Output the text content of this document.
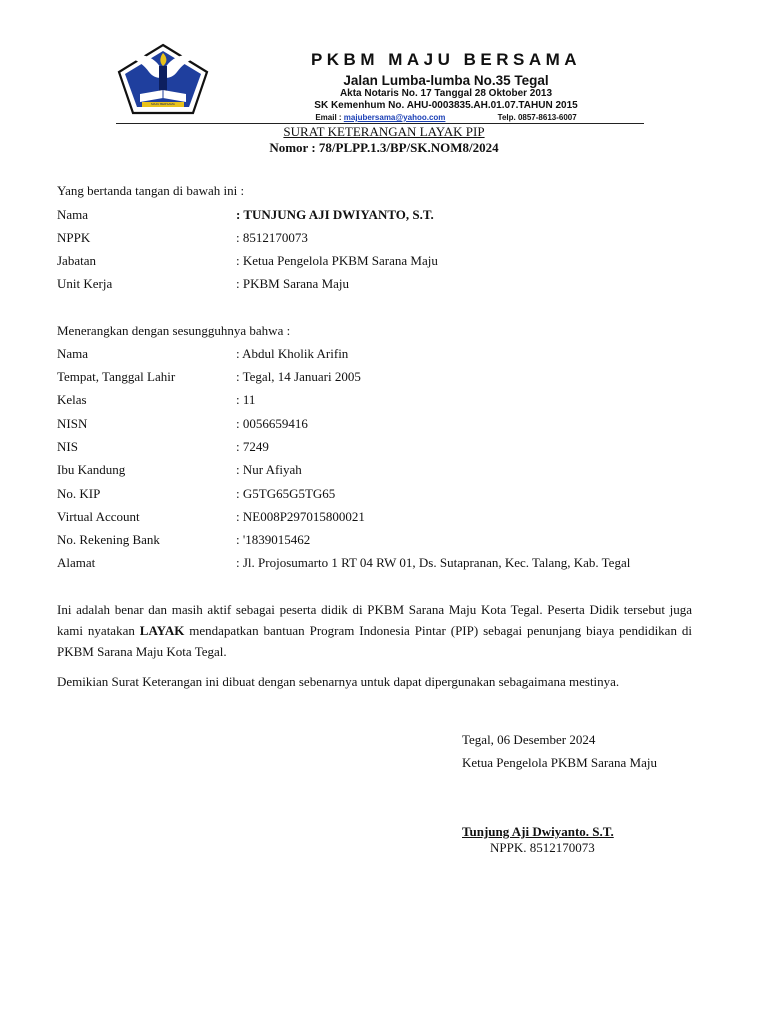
MAJU BERSAMA
PKBM MAJU BERSAMA
Jalan Lumba-lumba No.35 Tegal
Akta Notaris No. 17 Tanggal 28 Oktober 2013
SK Kemenhum No. AHU-0003835.AH.01.07.TAHUN 2015
Email : majubersama@yahoo.com	Telp. 0857-8613-6007
SURAT KETERANGAN LAYAK PIP
Nomor : 78/PLPP.1.3/BP/SK.NOM8/2024
Yang bertanda tangan di bawah ini :
Nama	: TUNJUNG AJI DWIYANTO, S.T.
NPPK	: 8512170073
Jabatan	: Ketua Pengelola PKBM Sarana Maju
Unit Kerja	: PKBM Sarana Maju
Menerangkan dengan sesungguhnya bahwa :
Nama	: Abdul Kholik Arifin
Tempat, Tanggal Lahir	: Tegal, 14 Januari 2005
Kelas	: 11
NISN	: 0056659416
NIS	: 7249
Ibu Kandung	: Nur Afiyah
No. KIP	: G5TG65G5TG65
Virtual Account	: NE008P297015800021
No. Rekening Bank	: '1839015462
Alamat	: Jl. Projosumarto 1 RT 04 RW 01, Ds. Sutapranan, Kec. Talang, Kab. Tegal
Ini adalah benar dan masih aktif sebagai peserta didik di PKBM Sarana Maju Kota Tegal. Peserta Didik tersebut juga kami nyatakan LAYAK mendapatkan bantuan Program Indonesia Pintar (PIP) sebagai penunjang biaya pendidikan di PKBM Sarana Maju Kota Tegal.
Demikian Surat Keterangan ini dibuat dengan sebenarnya untuk dapat dipergunakan sebagaimana mestinya.
Tegal, 06 Desember 2024
Ketua Pengelola PKBM Sarana Maju
Tunjung Aji Dwiyanto. S.T.
NPPK. 8512170073
